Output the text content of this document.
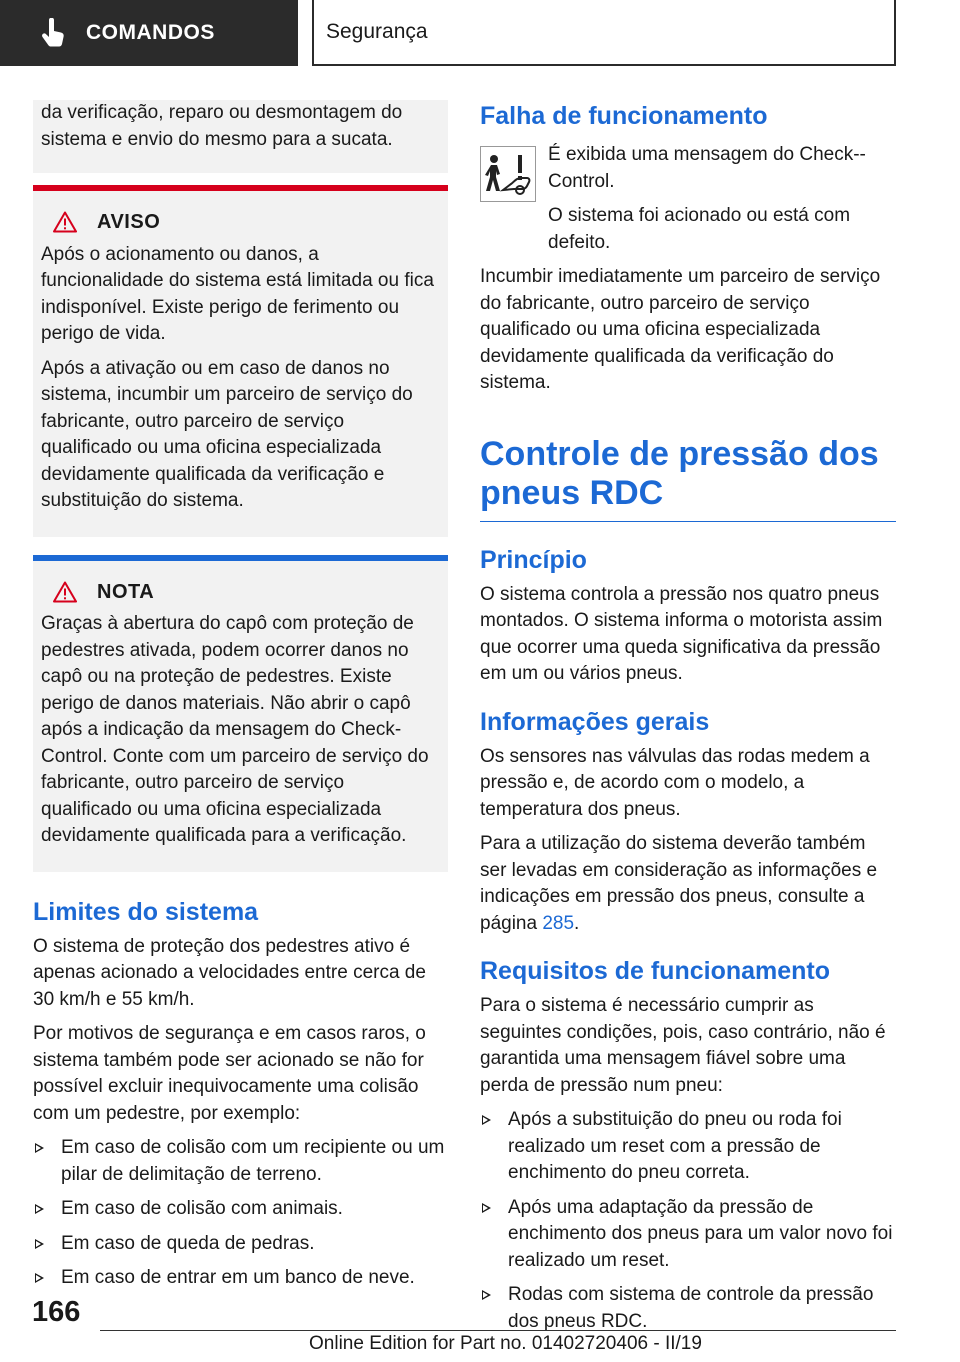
COMANDOS	Segurança

da verificação, reparo ou desmontagem do sistema e envio do mesmo para a sucata.

AVISO

Após o acionamento ou danos, a funcionalidade do sistema está limitada ou fica indisponível. Existe perigo de ferimento ou perigo de vida.

Após a ativação ou em caso de danos no sistema, incumbir um parceiro de serviço do fabricante, outro parceiro de serviço qualificado ou uma oficina especializada devidamente qualificada da verificação e substituição do sistema.

NOTA

Graças à abertura do capô com proteção de pedestres ativada, podem ocorrer danos no capô ou na proteção de pedestres. Existe perigo de danos materiais. Não abrir o capô após a indicação da mensagem do Check-Control. Conte com um parceiro de serviço do fabricante, outro parceiro de serviço qualificado ou uma oficina especializada devidamente qualificada para a verificação.

Limites do sistema

O sistema de proteção dos pedestres ativo é apenas acionado a velocidades entre cerca de 30 km/h e 55 km/h.

Por motivos de segurança e em casos raros, o sistema também pode ser acionado se não for possível excluir inequivocamente uma colisão com um pedestre, por exemplo:

Em caso de colisão com um recipiente ou um pilar de delimitação de terreno.
Em caso de colisão com animais.
Em caso de queda de pedras.
Em caso de entrar em um banco de neve.
Falha de funcionamento

É exibida uma mensagem do Check--Control.

O sistema foi acionado ou está com defeito.

Incumbir imediatamente um parceiro de serviço do fabricante, outro parceiro de serviço qualificado ou uma oficina especializada devidamente qualificada da verificação do sistema.

Controle de pressão dos pneus RDC
Princípio

O sistema controla a pressão nos quatro pneus montados. O sistema informa o motorista assim que ocorrer uma queda significativa da pressão em um ou vários pneus.

Informações gerais

Os sensores nas válvulas das rodas medem a pressão e, de acordo com o modelo, a temperatura dos pneus.

Para a utilização do sistema deverão também ser levadas em consideração as informações e indicações em pressão dos pneus, consulte a página 285.

Requisitos de funcionamento

Para o sistema é necessário cumprir as seguintes condições, pois, caso contrário, não é garantida uma mensagem fiável sobre uma perda de pressão num pneu:

Após a substituição do pneu ou roda foi realizado um reset com a pressão de enchimento do pneu correta.
Após uma adaptação da pressão de enchimento dos pneus para um valor novo foi realizado um reset.
Rodas com sistema de controle da pressão dos pneus RDC.
166
Online Edition for Part no. 01402720406 - II/19
